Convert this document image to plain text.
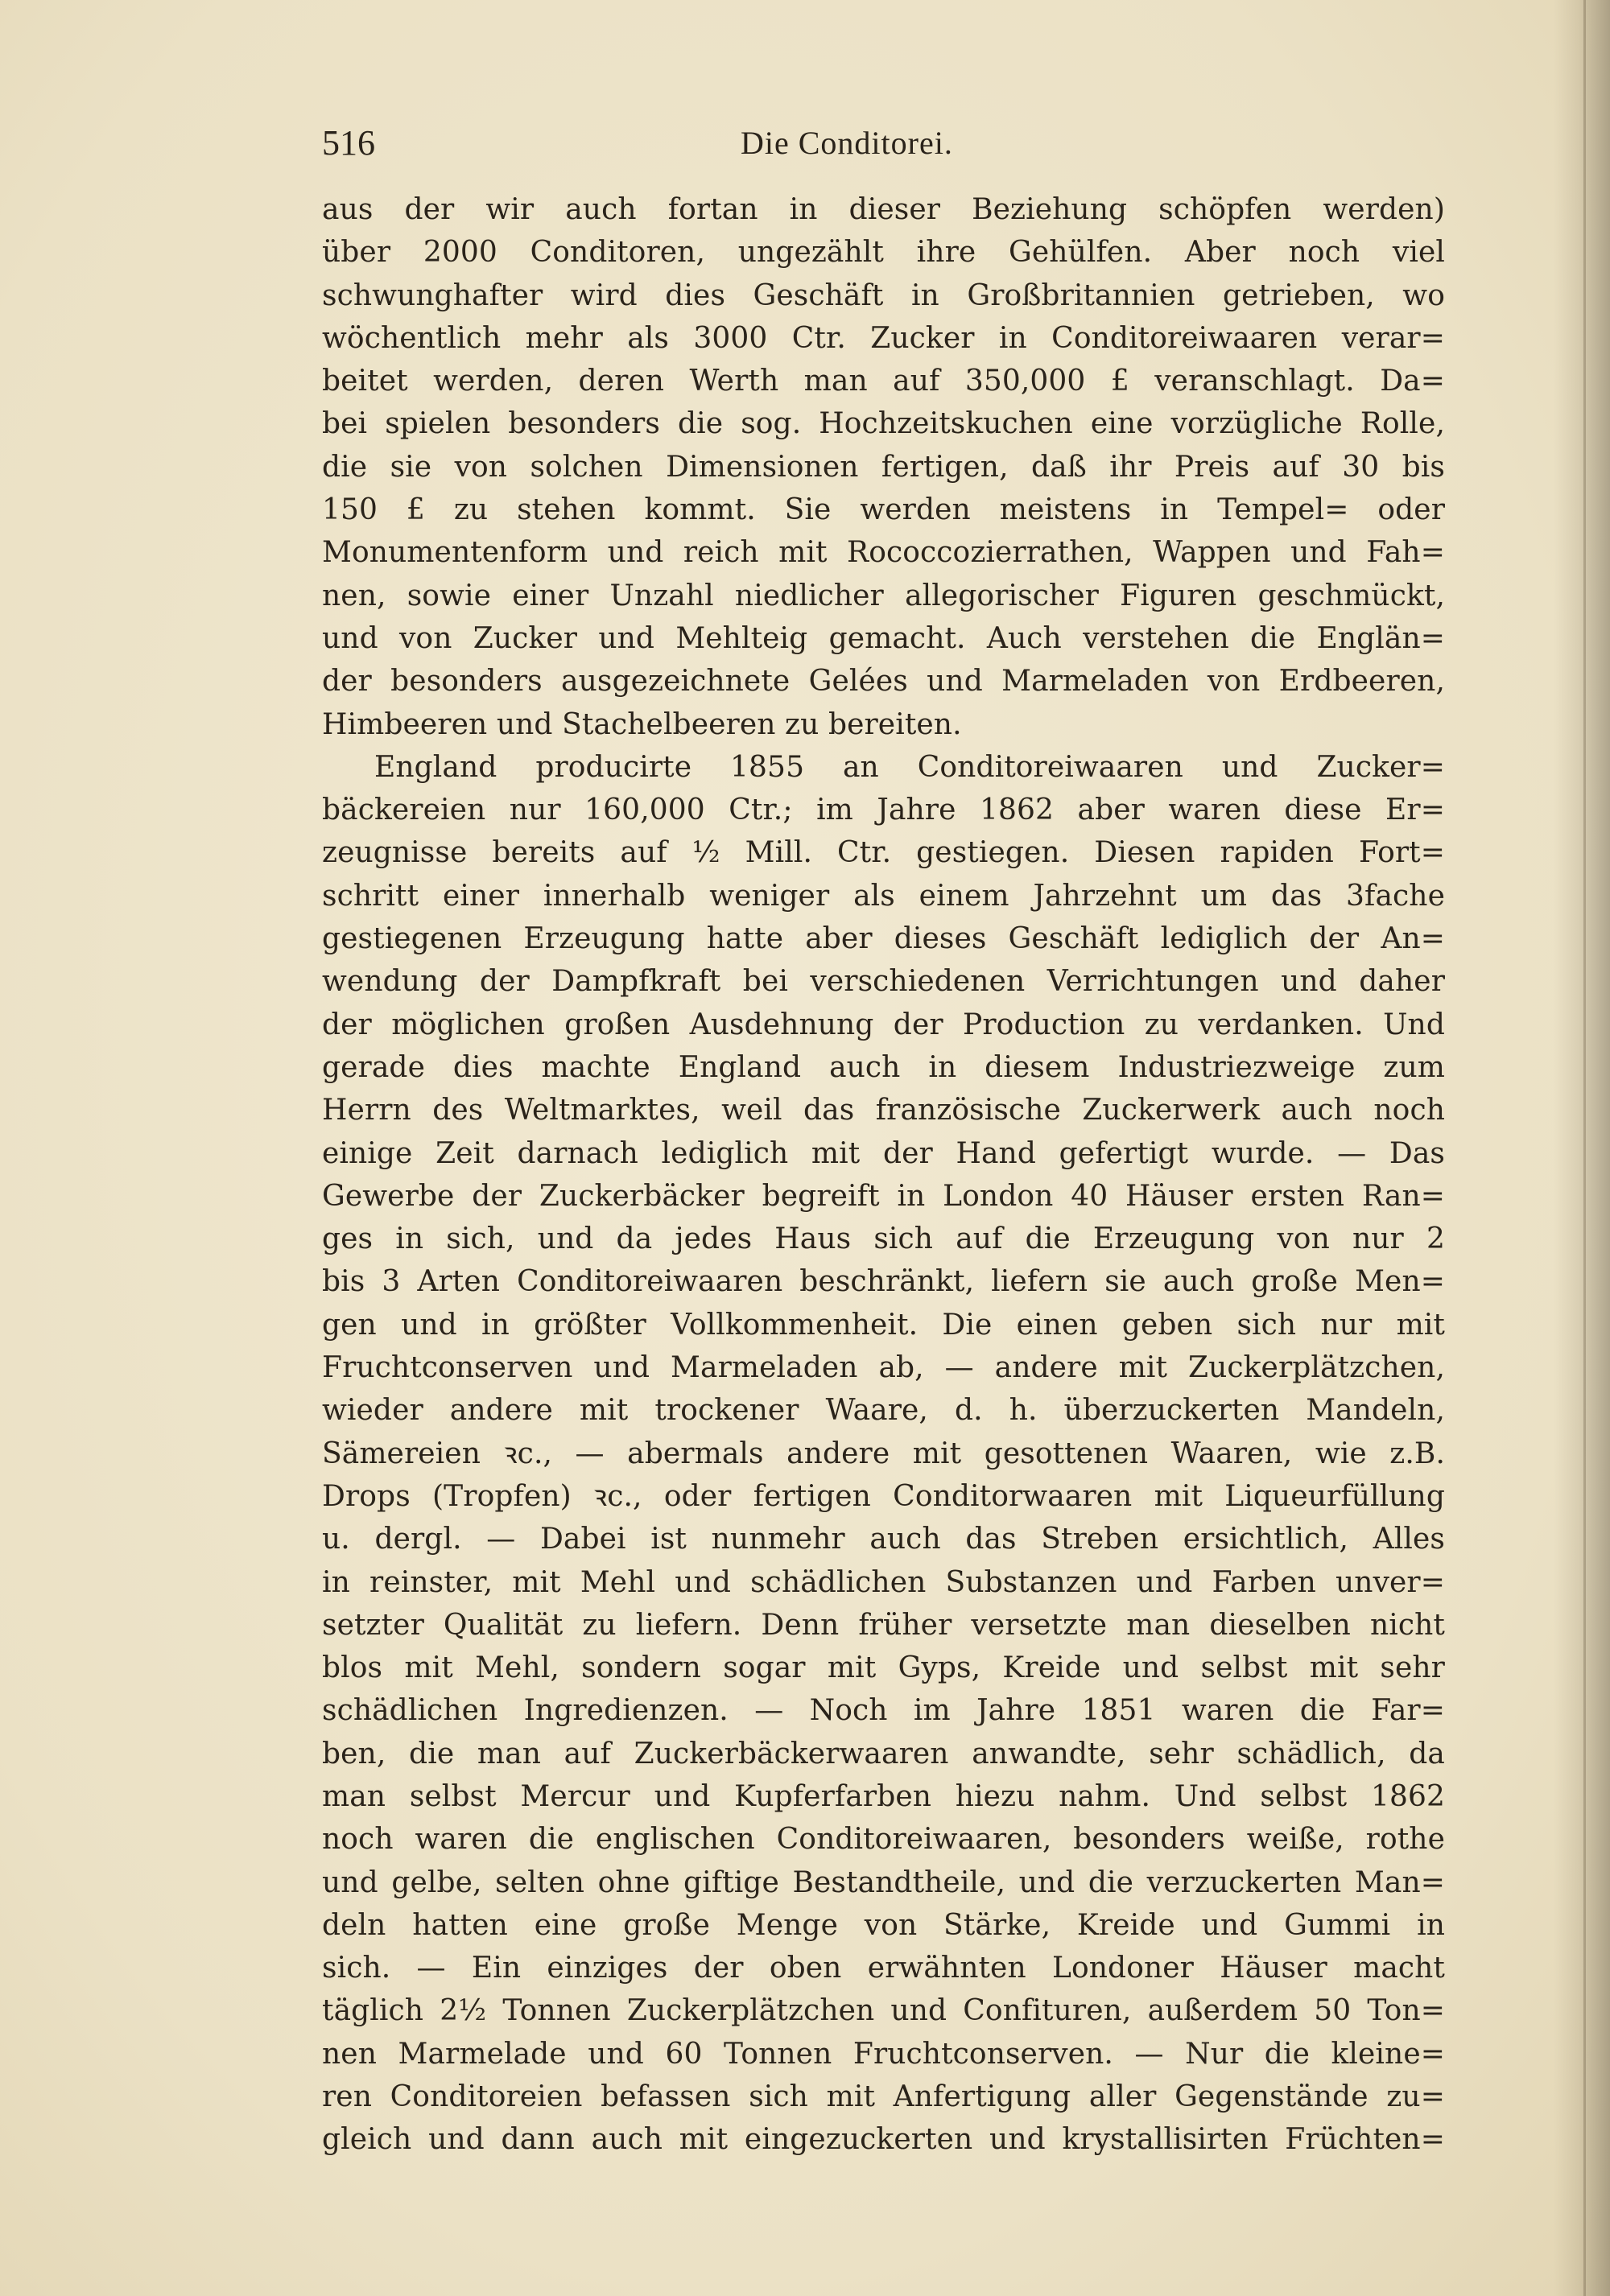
516	Die Conditorei.
aus der wir auch fortan in dieser Beziehung schöpfen werden)
über 2000 Conditoren, ungezählt ihre Gehülfen. Aber noch viel
schwunghafter wird dies Geschäft in Großbritannien getrieben, wo
wöchentlich mehr als 3000 Ctr. Zucker in Conditoreiwaaren verar=
beitet werden, deren Werth man auf 350,000 £ veranschlagt. Da=
bei spielen besonders die sog. Hochzeitskuchen eine vorzügliche Rolle,
die sie von solchen Dimensionen fertigen, daß ihr Preis auf 30 bis
150 £ zu stehen kommt. Sie werden meistens in Tempel= oder
Monumentenform und reich mit Rococcozierrathen, Wappen und Fah=
nen, sowie einer Unzahl niedlicher allegorischer Figuren geschmückt,
und von Zucker und Mehlteig gemacht. Auch verstehen die Englän=
der besonders ausgezeichnete Gelées und Marmeladen von Erdbeeren,
Himbeeren und Stachelbeeren zu bereiten.
England producirte 1855 an Conditoreiwaaren und Zucker=
bäckereien nur 160,000 Ctr.; im Jahre 1862 aber waren diese Er=
zeugnisse bereits auf ½ Mill. Ctr. gestiegen. Diesen rapiden Fort=
schritt einer innerhalb weniger als einem Jahrzehnt um das 3fache
gestiegenen Erzeugung hatte aber dieses Geschäft lediglich der An=
wendung der Dampfkraft bei verschiedenen Verrichtungen und daher
der möglichen großen Ausdehnung der Production zu verdanken. Und
gerade dies machte England auch in diesem Industriezweige zum
Herrn des Weltmarktes, weil das französische Zuckerwerk auch noch
einige Zeit darnach lediglich mit der Hand gefertigt wurde. — Das
Gewerbe der Zuckerbäcker begreift in London 40 Häuser ersten Ran=
ges in sich, und da jedes Haus sich auf die Erzeugung von nur 2
bis 3 Arten Conditoreiwaaren beschränkt, liefern sie auch große Men=
gen und in größter Vollkommenheit. Die einen geben sich nur mit
Fruchtconserven und Marmeladen ab, — andere mit Zuckerplätzchen,
wieder andere mit trockener Waare, d. h. überzuckerten Mandeln,
Sämereien ꝛc., — abermals andere mit gesottenen Waaren, wie z.B.
Drops (Tropfen) ꝛc., oder fertigen Conditorwaaren mit Liqueurfüllung
u. dergl. — Dabei ist nunmehr auch das Streben ersichtlich, Alles
in reinster, mit Mehl und schädlichen Substanzen und Farben unver=
setzter Qualität zu liefern. Denn früher versetzte man dieselben nicht
blos mit Mehl, sondern sogar mit Gyps, Kreide und selbst mit sehr
schädlichen Ingredienzen. — Noch im Jahre 1851 waren die Far=
ben, die man auf Zuckerbäckerwaaren anwandte, sehr schädlich, da
man selbst Mercur und Kupferfarben hiezu nahm. Und selbst 1862
noch waren die englischen Conditoreiwaaren, besonders weiße, rothe
und gelbe, selten ohne giftige Bestandtheile, und die verzuckerten Man=
deln hatten eine große Menge von Stärke, Kreide und Gummi in
sich. — Ein einziges der oben erwähnten Londoner Häuser macht
täglich 2½ Tonnen Zuckerplätzchen und Confituren, außerdem 50 Ton=
nen Marmelade und 60 Tonnen Fruchtconserven. — Nur die kleine=
ren Conditoreien befassen sich mit Anfertigung aller Gegenstände zu=
gleich und dann auch mit eingezuckerten und krystallisirten Früchten=
